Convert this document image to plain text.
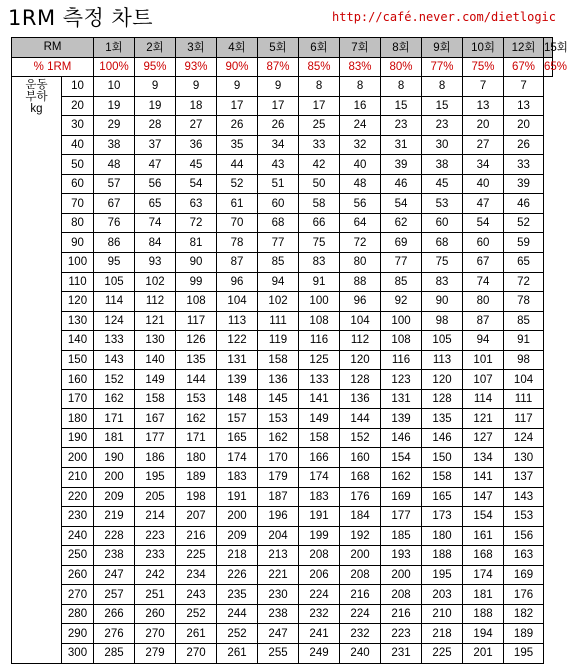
1RM 측정 차트	http://café.never.com/dietlogic
RM		1회	2회	3회	4회	5회	6회	7회	8회	9회	10회	12회	15회
% 1RM		100%	95%	93%	90%	87%	85%	83%	80%	77%	75%	67%	65%

운동
부하
kg	10	10	9	9	9	9	8	8	8	8	7	7	
	20	19	19	18	17	17	17	16	15	15	13	13	
	30	29	28	27	26	26	25	24	23	23	20	20	
	40	38	37	36	35	34	33	32	31	30	27	26	
	50	48	47	45	44	43	42	40	39	38	34	33	
	60	57	56	54	52	51	50	48	46	45	40	39	
	70	67	65	63	61	60	58	56	54	53	47	46	
	80	76	74	72	70	68	66	64	62	60	54	52	
	90	86	84	81	78	77	75	72	69	68	60	59	
	100	95	93	90	87	85	83	80	77	75	67	65	
	110	105	102	99	96	94	91	88	85	83	74	72	
	120	114	112	108	104	102	100	96	92	90	80	78	
	130	124	121	117	113	111	108	104	100	98	87	85	
	140	133	130	126	122	119	116	112	108	105	94	91	
	150	143	140	135	131	158	125	120	116	113	101	98	
	160	152	149	144	139	136	133	128	123	120	107	104	
	170	162	158	153	148	145	141	136	131	128	114	111	
	180	171	167	162	157	153	149	144	139	135	121	117	
	190	181	177	171	165	162	158	152	146	146	127	124	
	200	190	186	180	174	170	166	160	154	150	134	130	
	210	200	195	189	183	179	174	168	162	158	141	137	
	220	209	205	198	191	187	183	176	169	165	147	143	
	230	219	214	207	200	196	191	184	177	173	154	153	
	240	228	223	216	209	204	199	192	185	180	161	156	
	250	238	233	225	218	213	208	200	193	188	168	163	
	260	247	242	234	226	221	206	208	200	195	174	169	
	270	257	251	243	235	230	224	216	208	203	181	176	
	280	266	260	252	244	238	232	224	216	210	188	182	
	290	276	270	261	252	247	241	232	223	218	194	189	
	300	285	279	270	261	255	249	240	231	225	201	195	
